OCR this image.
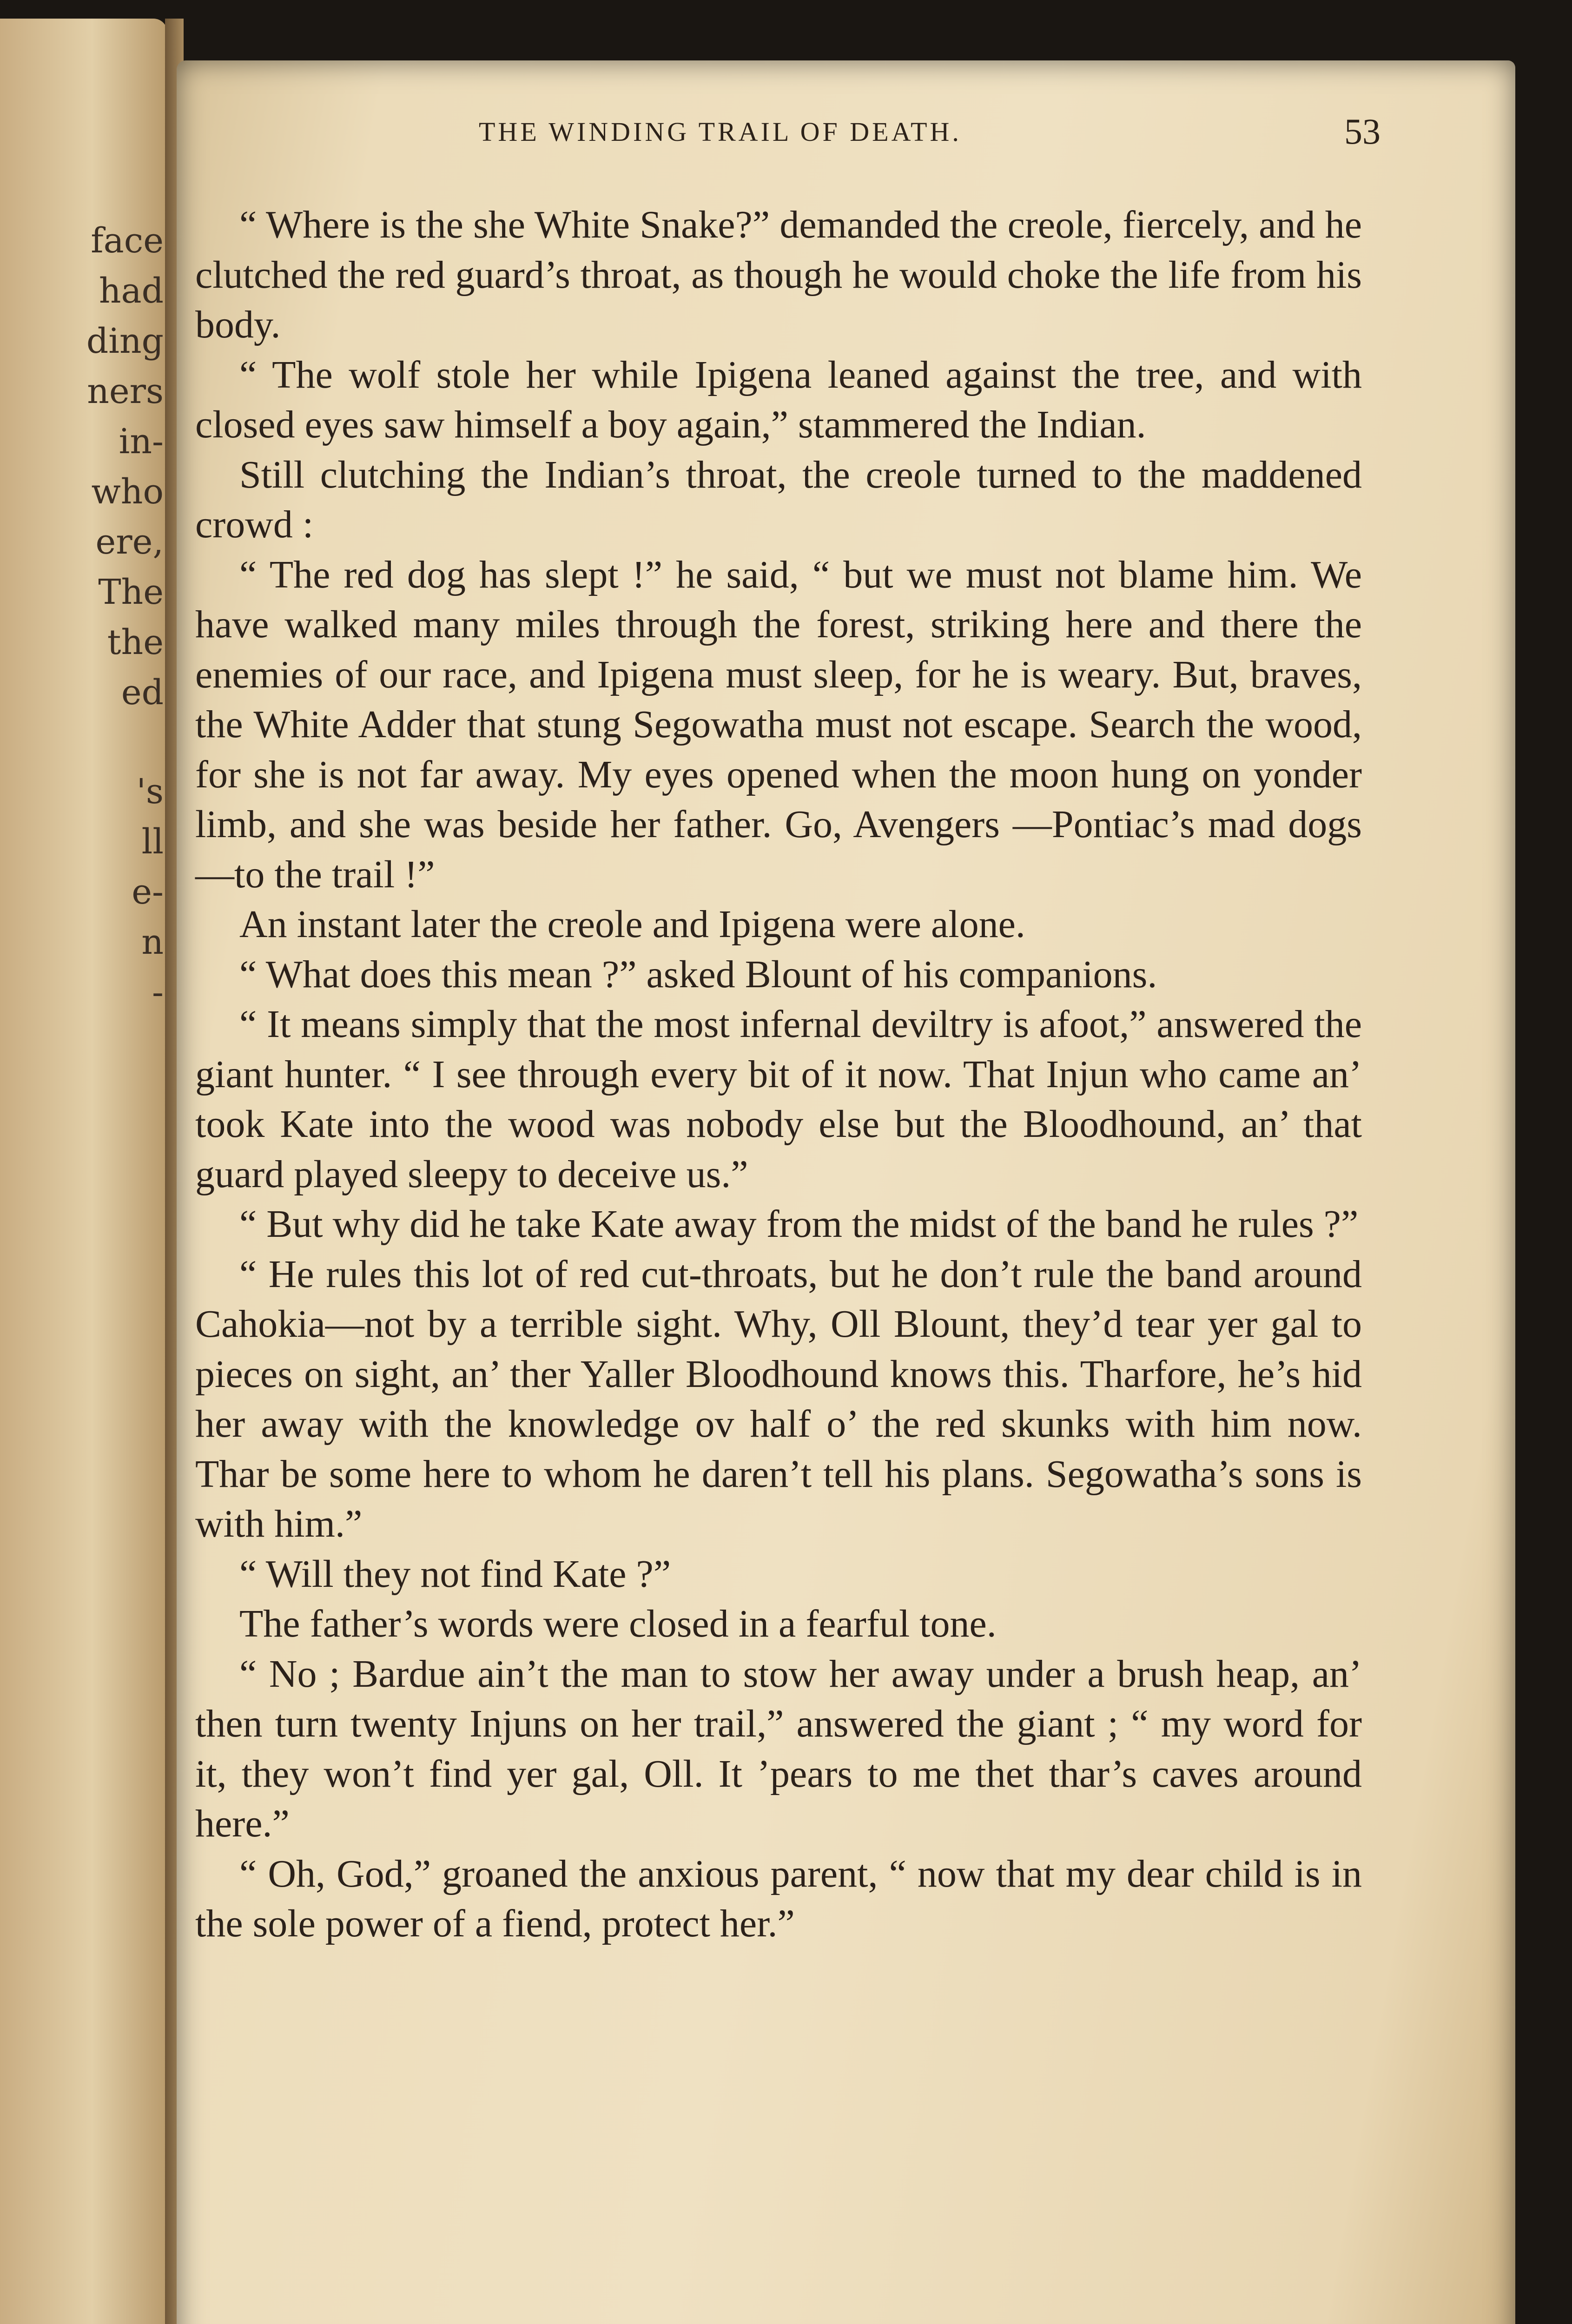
face
had
ding
ners
in-
who
ere,
The
the
ed
's
ll
e-
n
-
THE WINDING TRAIL OF DEATH.	53

“ Where is the she White Snake?” demanded the creole, fiercely, and he clutched the red guard’s throat, as though he would choke the life from his body.

“ The wolf stole her while Ipigena leaned against the tree, and with closed eyes saw himself a boy again,” stammered the Indian.

Still clutching the Indian’s throat, the creole turned to the maddened crowd :

“ The red dog has slept !” he said, “ but we must not blame him. We have walked many miles through the forest, striking here and there the enemies of our race, and Ipigena must sleep, for he is weary. But, braves, the White Adder that stung Segowatha must not escape. Search the wood, for she is not far away. My eyes opened when the moon hung on yonder limb, and she was beside her father. Go, Avengers —Pontiac’s mad dogs—to the trail !”

An instant later the creole and Ipigena were alone.

“ What does this mean ?” asked Blount of his companions.

“ It means simply that the most infernal deviltry is afoot,” answered the giant hunter. “ I see through every bit of it now. That Injun who came an’ took Kate into the wood was nobody else but the Bloodhound, an’ that guard played sleepy to deceive us.”

“ But why did he take Kate away from the midst of the band he rules ?”

“ He rules this lot of red cut-throats, but he don’t rule the band around Cahokia—not by a terrible sight. Why, Oll Blount, they’d tear yer gal to pieces on sight, an’ ther Yaller Bloodhound knows this. Tharfore, he’s hid her away with the knowledge ov half o’ the red skunks with him now. Thar be some here to whom he daren’t tell his plans. Segowatha’s sons is with him.”

“ Will they not find Kate ?”

The father’s words were closed in a fearful tone.

“ No ; Bardue ain’t the man to stow her away under a brush heap, an’ then turn twenty Injuns on her trail,” answered the giant ; “ my word for it, they won’t find yer gal, Oll. It ’pears to me thet thar’s caves around here.”

“ Oh, God,” groaned the anxious parent, “ now that my dear child is in the sole power of a fiend, protect her.”
